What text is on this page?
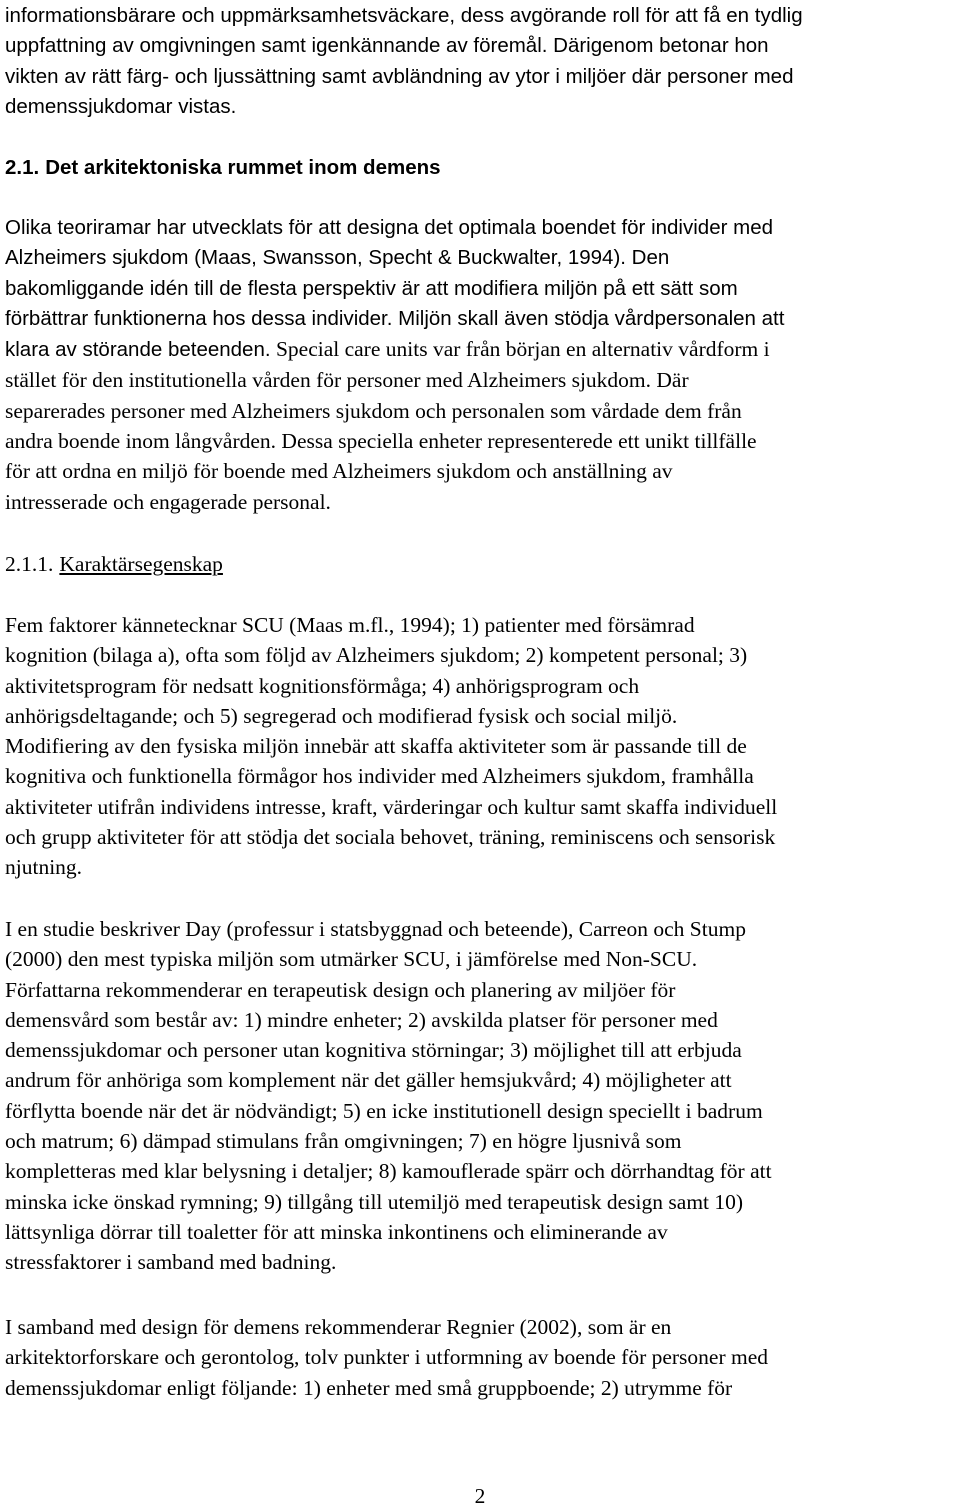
informationsbärare och uppmärksamhetsväckare, dess avgörande roll för att få en tydlig
uppfattning av omgivningen samt igenkännande av föremål. Därigenom betonar hon
vikten av rätt färg- och ljussättning samt avbländning av ytor i miljöer där personer med
demenssjukdomar vistas.
2.1. Det arkitektoniska rummet inom demens
Olika teoriramar har utvecklats för att designa det optimala boendet för individer med
Alzheimers sjukdom (Maas, Swansson, Specht & Buckwalter, 1994). Den
bakomliggande idén till de flesta perspektiv är att modifiera miljön på ett sätt som
förbättrar funktionerna hos dessa individer. Miljön skall även stödja vårdpersonalen att
klara av störande beteenden. Special care units var från början en alternativ vårdform i
stället för den institutionella vården för personer med Alzheimers sjukdom. Där
separerades personer med Alzheimers sjukdom och personalen som vårdade dem från
andra boende inom långvården. Dessa speciella enheter representerede ett unikt tillfälle
för att ordna en miljö för boende med Alzheimers sjukdom och anställning av
intresserade och engagerade personal.
2.1.1. Karaktärsegenskap
Fem faktorer kännetecknar SCU (Maas m.fl., 1994); 1) patienter med försämrad
kognition (bilaga a), ofta som följd av Alzheimers sjukdom; 2) kompetent personal; 3)
aktivitetsprogram för nedsatt kognitionsförmåga; 4) anhörigsprogram och
anhörigsdeltagande; och 5) segregerad och modifierad fysisk och social miljö.
Modifiering av den fysiska miljön innebär att skaffa aktiviteter som är passande till de
kognitiva och funktionella förmågor hos individer med Alzheimers sjukdom, framhålla
aktiviteter utifrån individens intresse, kraft, värderingar och kultur samt skaffa individuell
och grupp aktiviteter för att stödja det sociala behovet, träning, reminiscens och sensorisk
njutning.
I en studie beskriver Day (professur i statsbyggnad och beteende), Carreon och Stump
(2000) den mest typiska miljön som utmärker SCU, i jämförelse med Non-SCU.
Författarna rekommenderar en terapeutisk design och planering av miljöer för
demensvård som består av: 1) mindre enheter; 2) avskilda platser för personer med
demenssjukdomar och personer utan kognitiva störningar; 3) möjlighet till att erbjuda
andrum för anhöriga som komplement när det gäller hemsjukvård; 4) möjligheter att
förflytta boende när det är nödvändigt; 5) en icke institutionell design speciellt i badrum
och matrum; 6) dämpad stimulans från omgivningen; 7) en högre ljusnivå som
kompletteras med klar belysning i detaljer; 8) kamouflerade spärr och dörrhandtag för att
minska icke önskad rymning; 9) tillgång till utemiljö med terapeutisk design samt 10)
lättsynliga dörrar till toaletter för att minska inkontinens och eliminerande av
stressfaktorer i samband med badning.
I samband med design för demens rekommenderar Regnier (2002), som är en
arkitektorforskare och gerontolog, tolv punkter i utformning av boende för personer med
demenssjukdomar enligt följande: 1) enheter med små gruppboende; 2) utrymme för
2
